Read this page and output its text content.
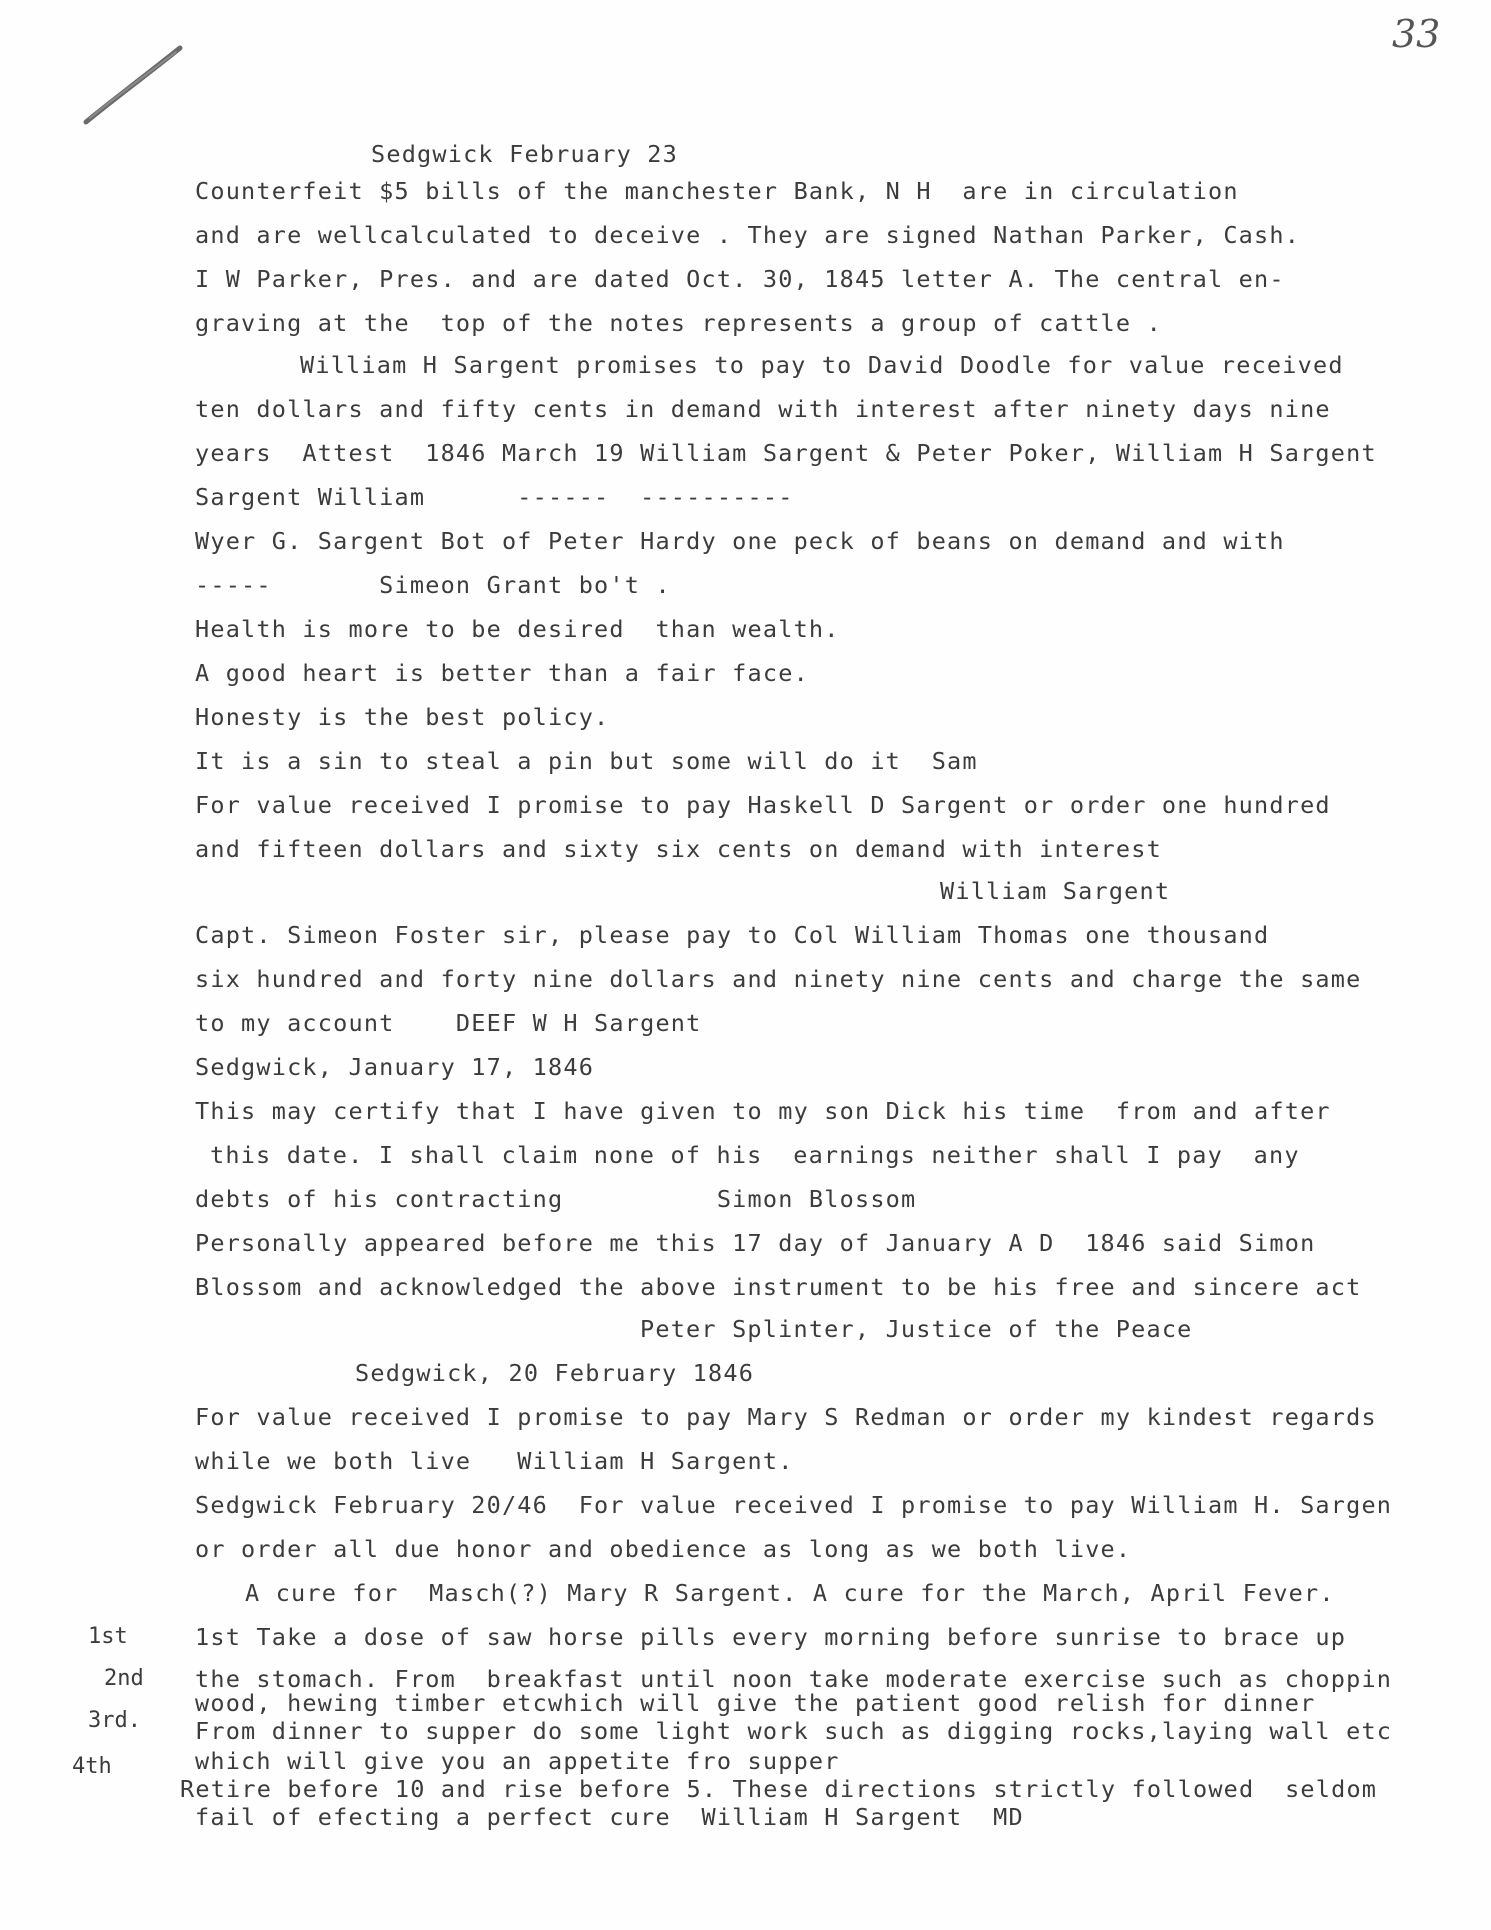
33
Sedgwick February 23
Counterfeit $5 bills of the manchester Bank, N H  are in circulation
and are wellcalculated to deceive . They are signed Nathan Parker, Cash.
I W Parker, Pres. and are dated Oct. 30, 1845 letter A. The central en-
graving at the  top of the notes represents a group of cattle .
William H Sargent promises to pay to David Doodle for value received
ten dollars and fifty cents in demand with interest after ninety days nine
years  Attest  1846 March 19 William Sargent & Peter Poker, William H Sargent
Sargent William      ------  ----------
Wyer G. Sargent Bot of Peter Hardy one peck of beans on demand and with
-----       Simeon Grant bo't .
Health is more to be desired  than wealth.
A good heart is better than a fair face.
Honesty is the best policy.
It is a sin to steal a pin but some will do it  Sam
For value received I promise to pay Haskell D Sargent or order one hundred
and fifteen dollars and sixty six cents on demand with interest
William Sargent
Capt. Simeon Foster sir, please pay to Col William Thomas one thousand
six hundred and forty nine dollars and ninety nine cents and charge the same
to my account    DEEF W H Sargent
Sedgwick, January 17, 1846
This may certify that I have given to my son Dick his time  from and after
this date. I shall claim none of his  earnings neither shall I pay  any
debts of his contracting          Simon Blossom
Personally appeared before me this 17 day of January A D  1846 said Simon
Blossom and acknowledged the above instrument to be his free and sincere act
Peter Splinter, Justice of the Peace
Sedgwick, 20 February 1846
For value received I promise to pay Mary S Redman or order my kindest regards
while we both live   William H Sargent.
Sedgwick February 20/46  For value received I promise to pay William H. Sargen
or order all due honor and obedience as long as we both live.
A cure for  Masch(?) Mary R Sargent. A cure for the March, April Fever.
1st Take a dose of saw horse pills every morning before sunrise to brace up
the stomach. From  breakfast until noon take moderate exercise such as choppin
wood, hewing timber etcwhich will give the patient good relish for dinner
From dinner to supper do some light work such as digging rocks,laying wall etc
which will give you an appetite fro supper
Retire before 10 and rise before 5. These directions strictly followed  seldom
fail of efecting a perfect cure  William H Sargent  MD
1st
2nd
3rd.
4th
